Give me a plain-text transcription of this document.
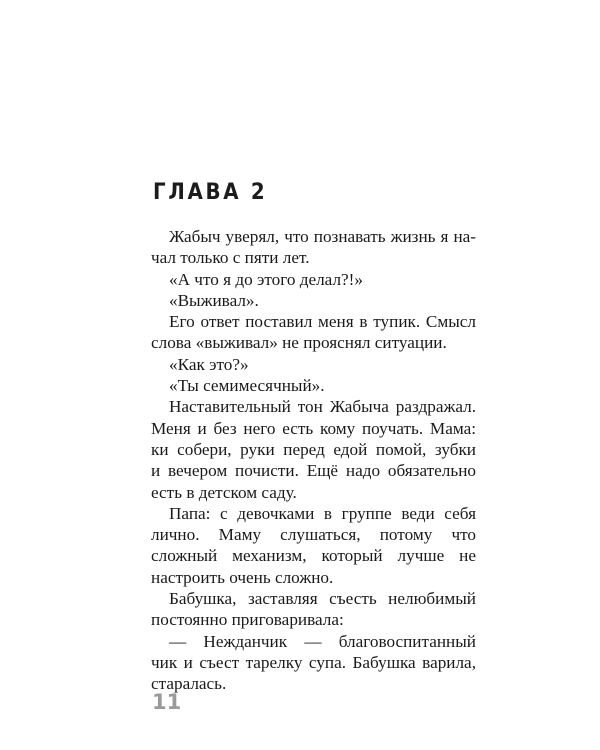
ГЛАВА 2
Жабыч уверял, что познавать жизнь я на-
чал только с пяти лет.
«А что я до этого делал?!»
«Выживал».
Его ответ поставил меня в тупик. Смысл
слова «выживал» не прояснял ситуации.
«Как это?»
«Ты семимесячный».
Наставительный тон Жабыча раздражал.
Меня и без него есть кому поучать. Мама:
ки собери, руки перед едой помой, зубки
и вечером почисти. Ещё надо обязательно
есть в детском саду.
Папа: с девочками в группе веди себя
лично. Маму слушаться, потому что
сложный механизм, который лучше не
настроить очень сложно.
Бабушка, заставляя съесть нелюбимый
постоянно приговаривала:
— Нежданчик — благовоспитанный
чик и съест тарелку супа. Бабушка варила,
старалась.
11
